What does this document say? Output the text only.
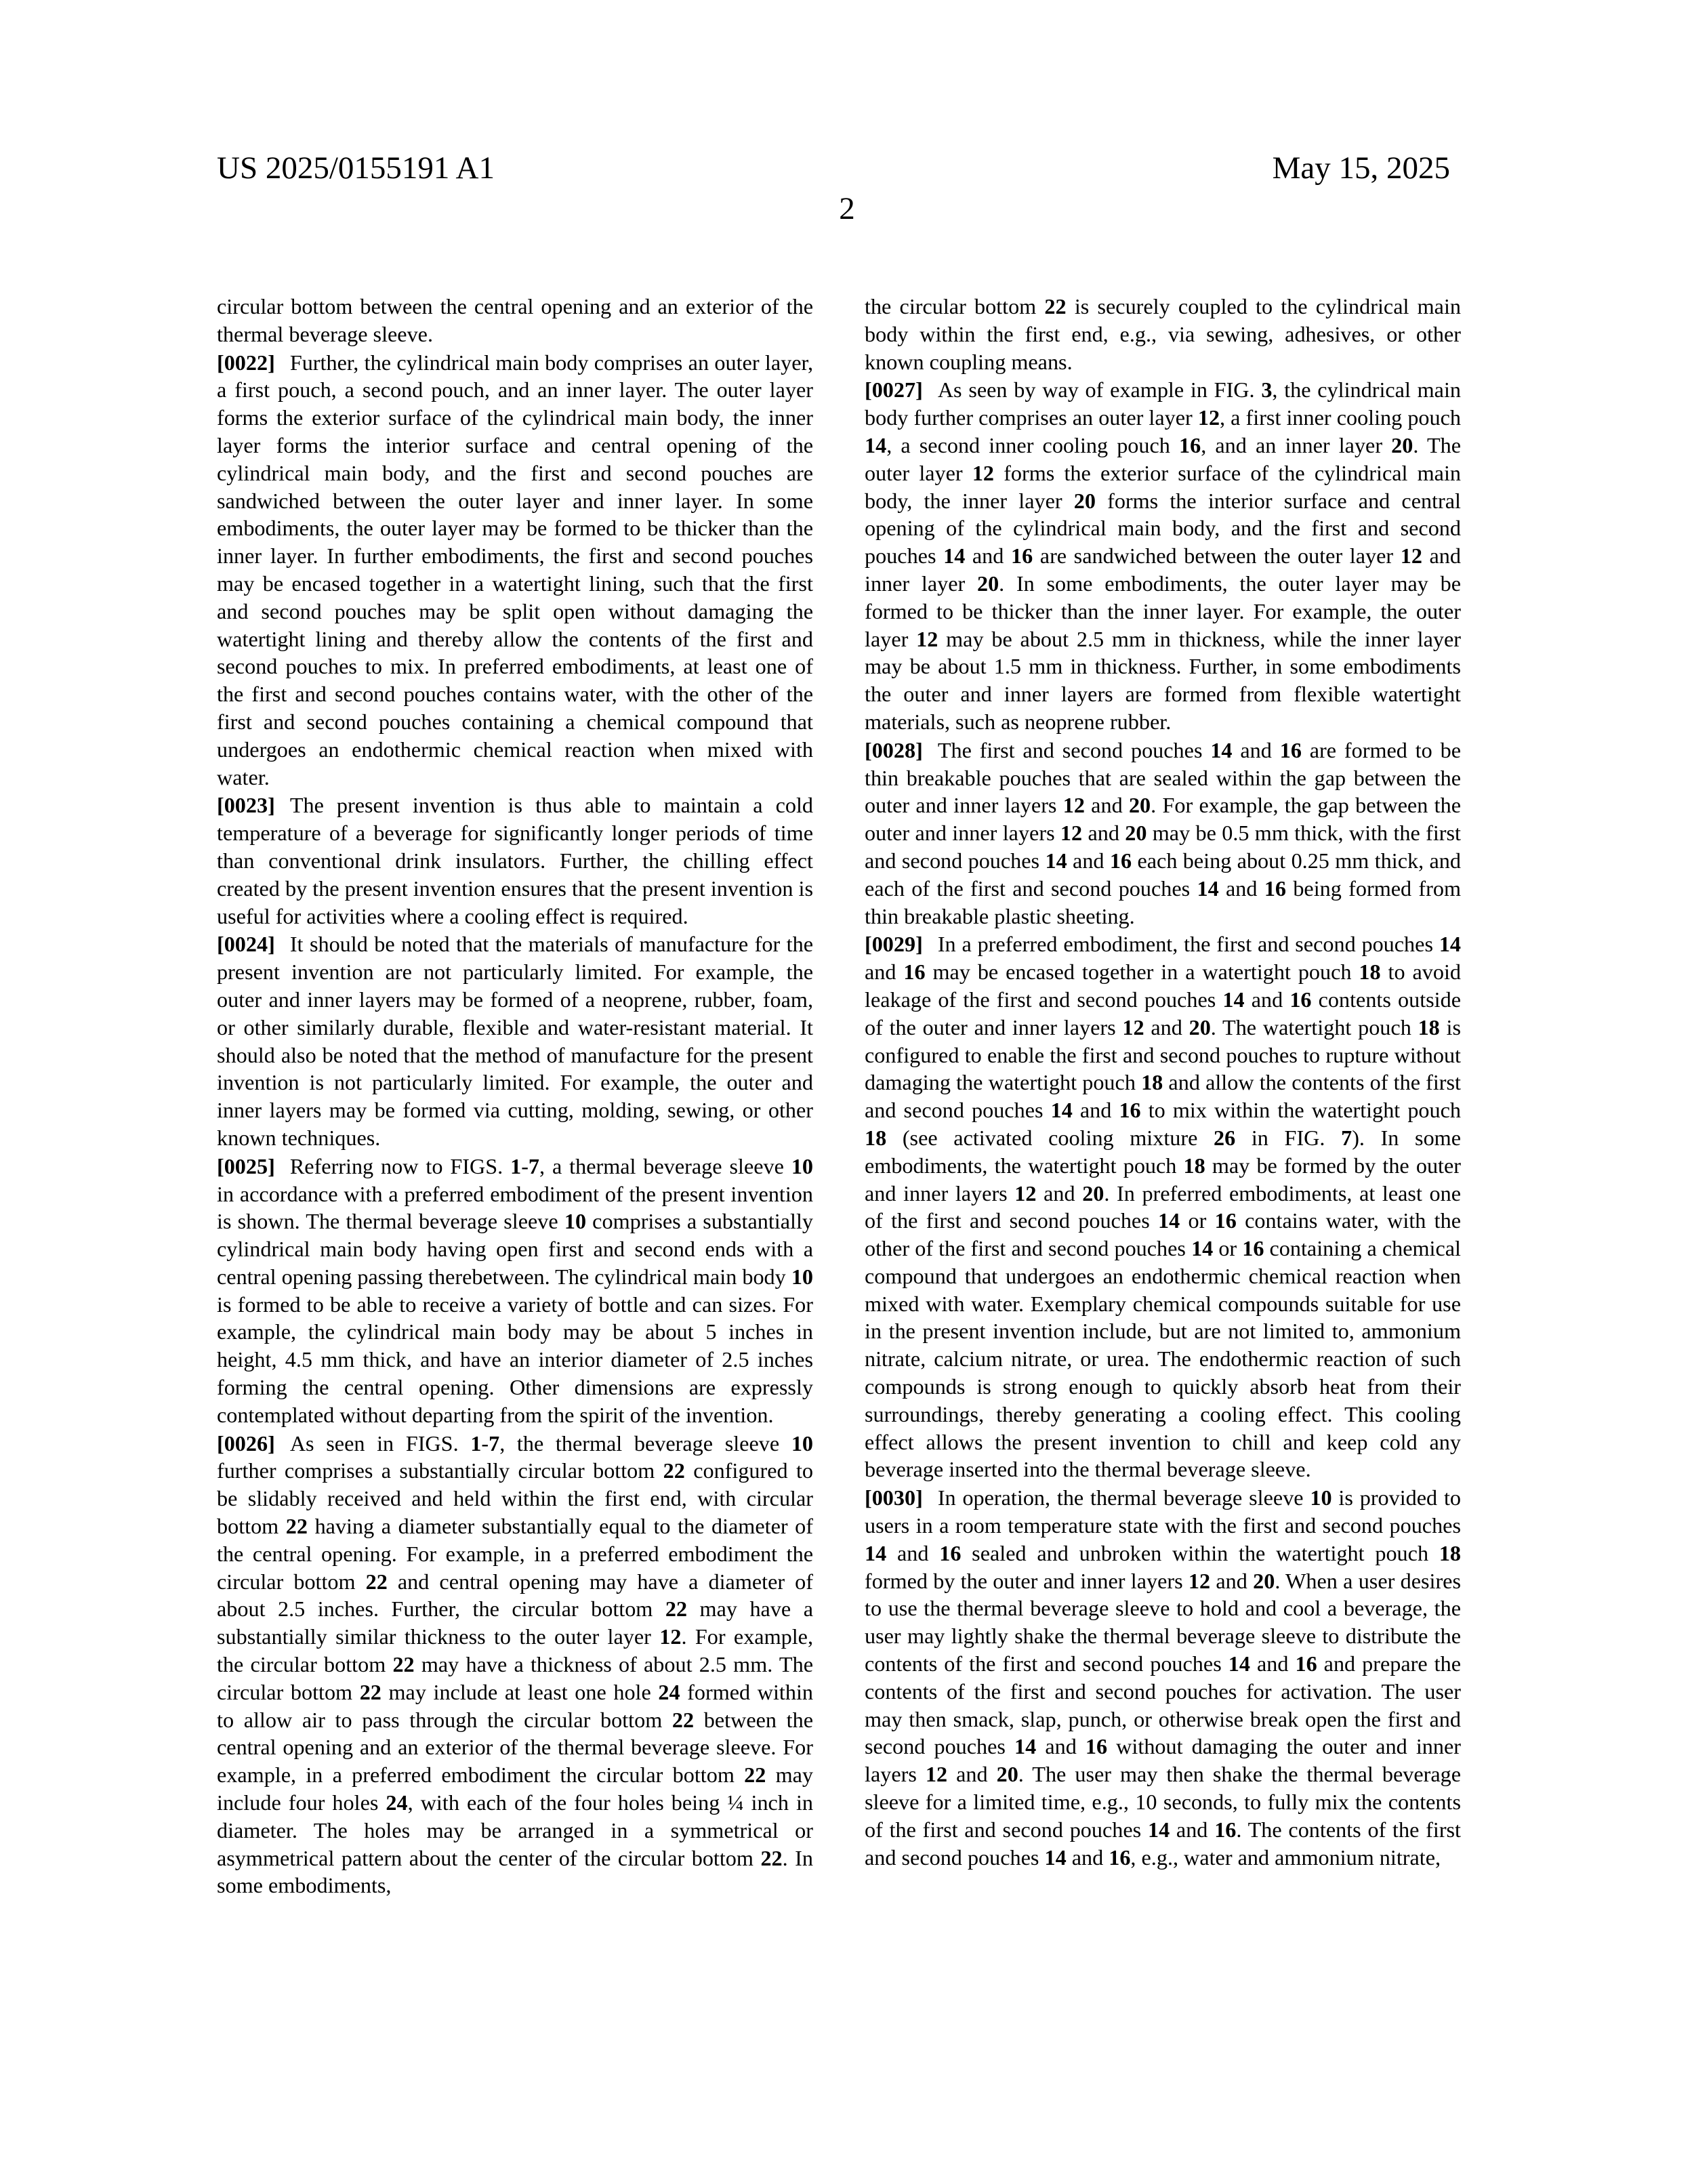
US 2025/0155191 A1	May 15, 2025
2

circular bottom between the central opening and an exterior of the thermal beverage sleeve.

[0022] Further, the cylindrical main body comprises an outer layer, a first pouch, a second pouch, and an inner layer. The outer layer forms the exterior surface of the cylindrical main body, the inner layer forms the interior surface and central opening of the cylindrical main body, and the first and second pouches are sandwiched between the outer layer and inner layer. In some embodiments, the outer layer may be formed to be thicker than the inner layer. In further embodiments, the first and second pouches may be encased together in a watertight lining, such that the first and second pouches may be split open without damaging the watertight lining and thereby allow the contents of the first and second pouches to mix. In preferred embodiments, at least one of the first and second pouches contains water, with the other of the first and second pouches containing a chemical compound that undergoes an endothermic chemical reaction when mixed with water.

[0023] The present invention is thus able to maintain a cold temperature of a beverage for significantly longer periods of time than conventional drink insulators. Further, the chilling effect created by the present invention ensures that the present invention is useful for activities where a cooling effect is required.

[0024] It should be noted that the materials of manufacture for the present invention are not particularly limited. For example, the outer and inner layers may be formed of a neoprene, rubber, foam, or other similarly durable, flexible and water-resistant material. It should also be noted that the method of manufacture for the present invention is not particularly limited. For example, the outer and inner layers may be formed via cutting, molding, sewing, or other known techniques.

[0025] Referring now to FIGS. 1-7, a thermal beverage sleeve 10 in accordance with a preferred embodiment of the present invention is shown. The thermal beverage sleeve 10 comprises a substantially cylindrical main body having open first and second ends with a central opening passing therebetween. The cylindrical main body 10 is formed to be able to receive a variety of bottle and can sizes. For example, the cylindrical main body may be about 5 inches in height, 4.5 mm thick, and have an interior diameter of 2.5 inches forming the central opening. Other dimensions are expressly contemplated without departing from the spirit of the invention.

[0026] As seen in FIGS. 1-7, the thermal beverage sleeve 10 further comprises a substantially circular bottom 22 configured to be slidably received and held within the first end, with circular bottom 22 having a diameter substantially equal to the diameter of the central opening. For example, in a preferred embodiment the circular bottom 22 and central opening may have a diameter of about 2.5 inches. Further, the circular bottom 22 may have a substantially similar thickness to the outer layer 12. For example, the circular bottom 22 may have a thickness of about 2.5 mm. The circular bottom 22 may include at least one hole 24 formed within to allow air to pass through the circular bottom 22 between the central opening and an exterior of the thermal beverage sleeve. For example, in a preferred embodiment the circular bottom 22 may include four holes 24, with each of the four holes being ¼ inch in diameter. The holes may be arranged in a symmetrical or asymmetrical pattern about the center of the circular bottom 22. In some embodiments,

the circular bottom 22 is securely coupled to the cylindrical main body within the first end, e.g., via sewing, adhesives, or other known coupling means.

[0027] As seen by way of example in FIG. 3, the cylindrical main body further comprises an outer layer 12, a first inner cooling pouch 14, a second inner cooling pouch 16, and an inner layer 20. The outer layer 12 forms the exterior surface of the cylindrical main body, the inner layer 20 forms the interior surface and central opening of the cylindrical main body, and the first and second pouches 14 and 16 are sandwiched between the outer layer 12 and inner layer 20. In some embodiments, the outer layer may be formed to be thicker than the inner layer. For example, the outer layer 12 may be about 2.5 mm in thickness, while the inner layer may be about 1.5 mm in thickness. Further, in some embodiments the outer and inner layers are formed from flexible watertight materials, such as neoprene rubber.

[0028] The first and second pouches 14 and 16 are formed to be thin breakable pouches that are sealed within the gap between the outer and inner layers 12 and 20. For example, the gap between the outer and inner layers 12 and 20 may be 0.5 mm thick, with the first and second pouches 14 and 16 each being about 0.25 mm thick, and each of the first and second pouches 14 and 16 being formed from thin breakable plastic sheeting.

[0029] In a preferred embodiment, the first and second pouches 14 and 16 may be encased together in a watertight pouch 18 to avoid leakage of the first and second pouches 14 and 16 contents outside of the outer and inner layers 12 and 20. The watertight pouch 18 is configured to enable the first and second pouches to rupture without damaging the watertight pouch 18 and allow the contents of the first and second pouches 14 and 16 to mix within the watertight pouch 18 (see activated cooling mixture 26 in FIG. 7). In some embodiments, the watertight pouch 18 may be formed by the outer and inner layers 12 and 20. In preferred embodiments, at least one of the first and second pouches 14 or 16 contains water, with the other of the first and second pouches 14 or 16 containing a chemical compound that undergoes an endothermic chemical reaction when mixed with water. Exemplary chemical compounds suitable for use in the present invention include, but are not limited to, ammonium nitrate, calcium nitrate, or urea. The endothermic reaction of such compounds is strong enough to quickly absorb heat from their surroundings, thereby generating a cooling effect. This cooling effect allows the present invention to chill and keep cold any beverage inserted into the thermal beverage sleeve.

[0030] In operation, the thermal beverage sleeve 10 is provided to users in a room temperature state with the first and second pouches 14 and 16 sealed and unbroken within the watertight pouch 18 formed by the outer and inner layers 12 and 20. When a user desires to use the thermal beverage sleeve to hold and cool a beverage, the user may lightly shake the thermal beverage sleeve to distribute the contents of the first and second pouches 14 and 16 and prepare the contents of the first and second pouches for activation. The user may then smack, slap, punch, or otherwise break open the first and second pouches 14 and 16 without damaging the outer and inner layers 12 and 20. The user may then shake the thermal beverage sleeve for a limited time, e.g., 10 seconds, to fully mix the contents of the first and second pouches 14 and 16. The contents of the first and second pouches 14 and 16, e.g., water and ammonium nitrate,
